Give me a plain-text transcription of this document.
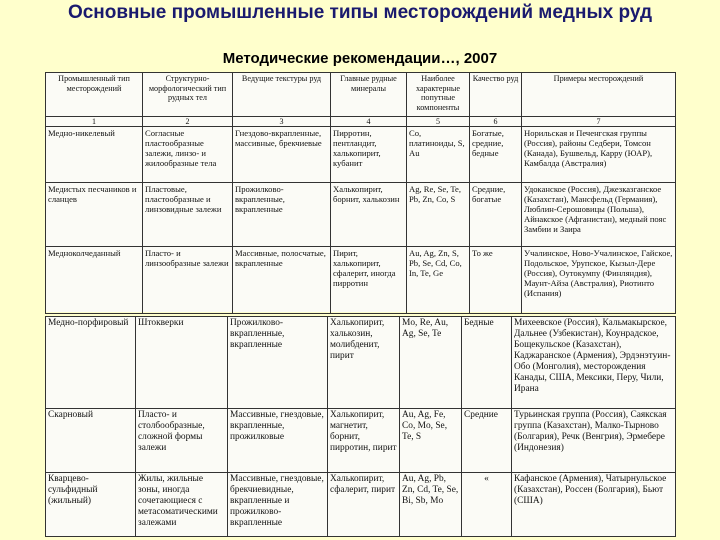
Основные промышленные типы месторождений медных руд
Методические рекомендации…, 2007
Промышленный тип месторождений	Структурно-морфологический тип рудных тел	Ведущие текстуры руд	Главные рудные минералы	Наиболее характерные попутные компоненты	Качество руд	Примеры месторождений
1	2	3	4	5	6	7
Медно-никелевый	Согласные пластообразные залежи, линзо- и жилообразные тела	Гнездово-вкрапленные, массивные, брекчиевые	Пирротин, пентландит, халькопирит, кубанит	Co, платиноиды, S, Au	Богатые, средние, бедные	Норильская и Печенгская группы (Россия), районы Седбери, Томсон (Канада), Бушвельд, Карру (ЮАР), Камбалда (Австралия)
Медистых песчаников и сланцев	Пластовые, пластообразные и линзовидные залежи	Прожилково-вкрапленные, вкрапленные	Халькопирит, борнит, халькозин	Ag, Re, Se, Te, Pb, Zn, Co, S	Средние, богатые	Удоканское (Россия), Джезказганское (Казахстан), Мансфельд (Германия), Люблин-Серошовицы (Польша), Айнакское (Афганистан), медный пояс Замбии и Заира
Медноколчеданный	Пласто- и линзообразные залежи	Массивные, полосчатые, вкрапленные	Пирит, халькопирит, сфалерит, иногда пирротин	Au, Ag, Zn, S, Pb, Se, Cd, Co, In, Te, Ge	То же	Учалинское, Ново-Учалинское, Гайское, Подольское, Урупское, Кызыл-Дере (Россия), Оутокумпу (Финляндия), Маунт-Айза (Австралия), Риотинто (Испания)
Медно-порфировый	Штокверки	Прожилково-вкрапленные, вкрапленные	Халькопирит, халькозин, молибденит, пирит	Mo, Re, Au, Ag, Se, Te	Бедные	Михеевское (Россия), Кальмакырское, Дальнее (Узбекистан), Коунрадское, Бощекульское (Казахстан), Каджаранское (Армения), Эрдэнэтуин-Обо (Монголия), месторождения Канады, США, Мексики, Перу, Чили, Ирана
Скарновый	Пласто- и столбообразные, сложной формы залежи	Массивные, гнездовые, вкрапленные, прожилковые	Халькопирит, магнетит, борнит, пирротин, пирит	Au, Ag, Fe, Co, Mo, Se, Te, S	Средние	Турьинская группа (Россия), Саякская группа (Казахстан), Малко-Тырново (Болгария), Речк (Венгрия), Эрмебере (Индонезия)
Кварцево-сульфидный (жильный)	Жилы, жильные зоны, иногда сочетающиеся с метасоматическими залежами	Массивные, гнездовые, брекчиевидные, вкрапленные и прожилково-вкрапленные	Халькопирит, сфалерит, пирит	Au, Ag, Pb, Zn, Cd, Te, Se, Bi, Sb, Mo	«	Кафанское (Армения), Чатырнульское (Казахстан), Россен (Болгария), Бьют (США)
